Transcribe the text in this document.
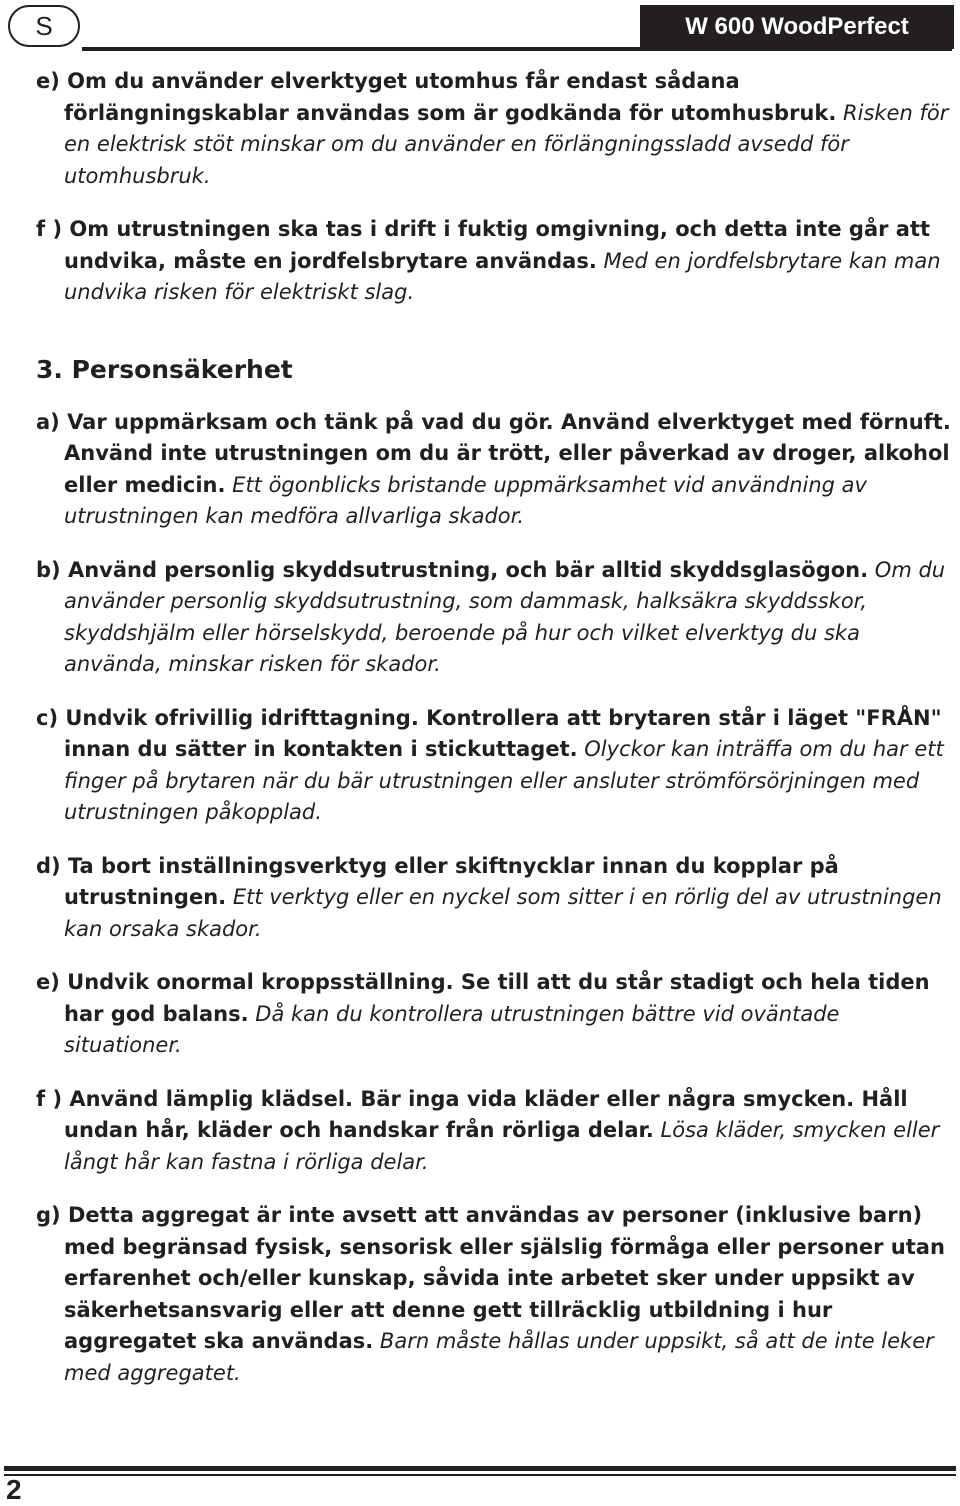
S	W 600 WoodPerfect

e) Om du använder elverktyget utomhus får endast sådana förlängningskablar användas som är godkända för utomhusbruk. Risken för en elektrisk stöt minskar om du använder en förlängningssladd avsedd för utomhusbruk.

f ) Om utrustningen ska tas i drift i fuktig omgivning, och detta inte går att undvika, måste en jordfelsbrytare användas. Med en jordfelsbrytare kan man undvika risken för elektriskt slag.

3. Personsäkerhet

a) Var uppmärksam och tänk på vad du gör. Använd elverktyget med förnuft. Använd inte utrustningen om du är trött, eller påverkad av droger, alkohol eller medicin. Ett ögonblicks bristande uppmärksamhet vid användning av utrustningen kan medföra allvarliga skador.

b) Använd personlig skyddsutrustning, och bär alltid skyddsglasögon. Om du använder personlig skyddsutrustning, som dammask, halksäkra skyddsskor, skyddshjälm eller hörselskydd, beroende på hur och vilket elverktyg du ska använda, minskar risken för skador.

c) Undvik ofrivillig idrifttagning. Kontrollera att brytaren står i läget "FRÅN" innan du sätter in kontakten i stickuttaget. Olyckor kan inträffa om du har ett finger på brytaren när du bär utrustningen eller ansluter strömförsörjningen med utrustningen påkopplad.

d) Ta bort inställningsverktyg eller skiftnycklar innan du kopplar på utrustningen. Ett verktyg eller en nyckel som sitter i en rörlig del av utrustningen kan orsaka skador.

e) Undvik onormal kroppsställning. Se till att du står stadigt och hela tiden har god balans. Då kan du kontrollera utrustningen bättre vid oväntade situationer.

f ) Använd lämplig klädsel. Bär inga vida kläder eller några smycken. Håll undan hår, kläder och handskar från rörliga delar. Lösa kläder, smycken eller långt hår kan fastna i rörliga delar.

g) Detta aggregat är inte avsett att användas av personer (inklusive barn) med begränsad fysisk, sensorisk eller själslig förmåga eller personer utan erfarenhet och/eller kunskap, såvida inte arbetet sker under uppsikt av säkerhetsansvarig eller att denne gett tillräcklig utbildning i hur aggregatet ska användas. Barn måste hållas under uppsikt, så att de inte leker med aggregatet.

2
